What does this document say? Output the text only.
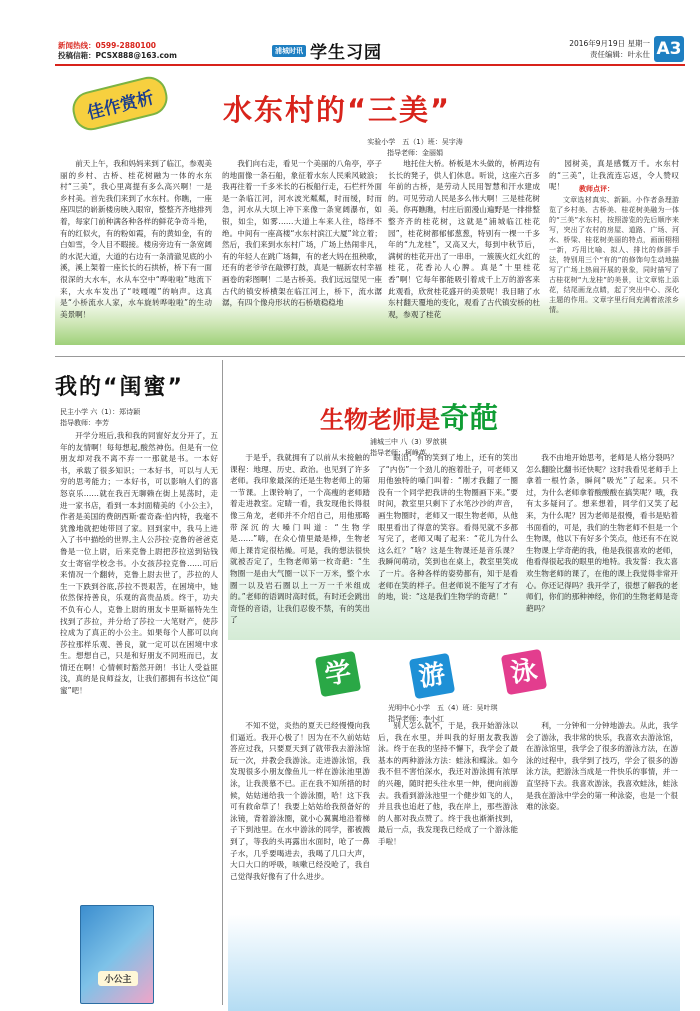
新闻热线：0599-2880100
投稿信箱：PCSX888@163.com
浦城时讯 学生习园	2016年9月19日 星期一
责任编辑：叶永仕 A3
佳作赏析	水东村的“三美”
实验小学　五（1）班：吴宇涛
指导老师：金丽娟

前天上午，我和妈妈来到了临江，参观美丽的乡村、古桥、桂花树融为一体的水东村“三美”，我心里离提有多么高兴啊！一是乡村美。首先我们来到了水东村。你瞧，一座座四层的崭新楼房映入眼帘，整整齐齐地排列着，每家门前种满各种各样的鲜花争奇斗艳，有的红似火，有的粉如霞，有的黄如金，有的白如雪，令人目不暇接。楼房旁边有一条宽阔的水泥大道，大道的右边有一条清澈见底的小溪，溪上架着一座长长的石拱桥，桥下有一面很深的大水车，水从车空中“哗啦啦”地流下来，大水车发出了“吱嘎嘎”的响声。这真是“小桥流水人家，水车旋转哗啦啦”的生动美景啊！

我们向右走，看见一个美丽的八角亭，亭子的地面像一条石船，象征着水东人民乘风破浪；我再往着一千多米长的石板船行走，石栏杆外面是一条临江河，河水波光粼粼，时而缓，时而急，河水从大坝上冲下来像一条宽阔瀑布，如银，如尘，如雾……大道上车来人往，络绎不绝。中间有一座高楼“水东村滨江大厦”耸立着；然后，我们来到水东村广场，广场上热闹非凡，有的年轻人在跳广场舞，有的老大妈在扭秧歌，还有的老爷爷在敲锣打鼓，真是一幅新农村幸福画卷的彩图啊！二是古桥美。我们远远望见一座古代的镇安桥横架在临江河上，桥下，流水潺潺，有四个像舟形状的石桥墩稳稳地

地托住大桥。桥板是木头做的，桥两边有长长的凳子，供人们休息。听说，这座六百多年前的古桥，是劳动人民用智慧和汗水建成的。可见劳动人民是多么伟大啊！三是桂花树美。你再瞧瞧，村庄后面漫山遍野是一排排整整齐齐的桂花树，这就是“浦城临江桂花园”，桂花树都郁郁葱葱，特别有一棵一千多年的“九龙桂”，又高又大，每到中秋节后，满树的桂花开出了一串串，一簇簇火红火红的桂花，花香沁人心脾。真是“十里桂花香”啊！它每年都能吸引着成千上万的游客来此观看，欣赏桂花盛开的美景呢！我目睹了水东村翻天覆地的变化，观看了古代镇安桥的杜观，参观了桂花

园树美，真是感慨万千。水东村的“三美”，让我流连忘返，令人赞叹呢！	教师点评：

文章选材真实、新颖。小作者条理游览了乡村美、古桥美、桂花树美融为一体的“三美”水东村，按照游览的先后顺序来写，突出了农村的房屋、道路、广场、河水、桥梁、桂花树美丽的特点，画面栩栩一新，巧用比喻、拟人、排比的修辞手法，特别用三个“有的”的修饰句生动地描写了广场上热闹开展的景象，同时描写了古桂花树“九龙桂”的美景，让文章铭上添花，结尾画龙点睛，起了突出中心、深化主题的作用。文章字里行间充满着浓浓乡情。

我的“闺蜜”
民主小学 六（1）：郑诗颖
指导教师：李芳

开学分班后,我和我的同窗好友分开了，五年的友情啊！每每想起,酸然神伤。但是有一位朋友却对我不离不弃一一那就是书。一本好书，承载了很多知识；一本好书，可以与人无穷的思考能力；一本好书，可以影响人们的喜怒哀乐……就在我百无聊赖在街上晃荡时，走进一家书店，看到一本封面精美的《小公主》，作者是美国的费朗西斯·霍奇森·伯内特，我毫不犹豫地就把她带回了家。回到家中，我马上进入了书中描绘的世界,主人公莎拉·克鲁的爸爸克鲁是一位上尉，后来克鲁上尉把莎拉送到钻钱女士寄宿学校念书。小女孩莎拉克鲁……可后来情况一个翻转，克鲁上尉去世了，莎拉的人生一下跌到谷底,莎拉不畏艰苦，在困境中，她依然保持善良，乐观的高贵品质。终于，功夫不负有心人，克鲁上尉的朋友卡里斯福特先生找到了莎拉，并分给了莎拉一大笔财产，使莎拉成为了真正的小公主。如果每个人都可以向莎拉那样乐观、善良，就一定可以在困境中求生。想想自己，只是和好朋友不同班而已，友情还在啊！心情顿时豁然开朗！书让人受益匪浅，真的是良师益友，让我们都拥有书这位“闺蜜”吧！

小公主
生物老师是奇葩
浦城三中 八（3）罗歆祺
指导老师：柯峥英

于是乎，我就拥有了以前从未接触的课程：地理、历史、政治。也见到了许多老师。我印象最深的还是生物老师上的第一节课。上课铃响了，一个高瘦的老师踏着走进教室。定睛一看，我发现他长得很像三角龙，老师并不介绍自己，用他那略带深沉的大嗓门叫道：“生物学是……”嗨，在众心情里最是棒，生物老师上课肯定很枯燥。可是，我的想法很快就被否定了，生物老师第一枚奇葩：“生物圈一是由大气圈一以下一万米，整个水圈一以及岩石圈以上一万一千米组成的。”老师的语调时高时低，有时还会跳出奇怪的音语，让我们忍俊不禁，有的笑出了

眼泪，有的笑到了地上，还有的笑出了“内伤”一个劲儿的抱着肚子，可老师又用他独特的嗓门叫着：“刚才我翻了一圈没有一个同学把我讲的生物圈画下来。”要时间，教室里只剩下了水笔沙沙的声音，画生物圈时，老师又一眼生物老师，从他眼里看出了得意的笑容。看得见就不多都写完了，老师又喝了起来：“花儿为什么这么红？”啥？这是生物课还是音乐课？我瞬间萌动，笑到也在桌上，教室里笑成了一片。各种各样的姿势都有，知于是看老师在笑的样子。但老师说不能写了才有的地，说：“这是我们生物学的奇葩！”

我不由地开始思考，老师是人格分裂吗？怎么翻脸比翻书还快呢？这时我看见老师手上拿着一根竹条，瞬间“吸光”了起来。只不过，为什么老师拿着酸酸酸在搞笑呢？哦，我有太多疑问了。想来想着，同学们又笑了起来，为什么呢？因为老师是很慢，看书是贴着书面看的，可是，我们的生物老师不但是一个生物课，他以下有好多个笑点，他还有不在说生物课上学奇葩的我，他是我很喜欢的老师，他看得很起我的眼里的地特。我发誓：我太喜欢生物老师的课了，在他的课上我觉得非常开心。你还记得吗？我开学了，很想了解我的老师们，你们的那种神经，你们的生物老师是奇葩吗？

学 游 泳
光明中心小学　五（4）班：吴叶琪
指导老师：李小红

不知不觉，炎热的夏天已经慢慢向我们逼近。我开心极了！因为在不久前姑姑答应过我，只要夏天到了就带我去游泳馆玩一次，并教会我游泳。走进游泳馆，我发现很多小朋友像鱼儿一样在游泳池里游泳，让我羡慕不已。正在我不知所措的时候，姑姑递给我一个游泳圈，哈！这下我可有救命草了！我要上姑姑给我预备好的泳镜，背着游泳圈，就小心翼翼地沿着梯子下到池里。在水中游泳的同学，都被溅到了，等我的头再露出水面时，呛了一鼻子水，几乎要喝进去，我喝了几口大声，大口大口的呼吸，咳嗽已经没呛了，我自己觉得我好像有了什么进步。

别人怎么就不，于是，我开始游泳以后，我在水里，并叫我的好朋友教我游泳。终于在我的坚持不懈下，我学会了最基本的两种游泳方法：蛙泳和蝶泳。如今我不但不害怕深水，我还对游泳拥有浓厚的兴趣，随时把头往水里一伸，便向前游去。我看到游泳池里一个健步如飞的人，并且我也追赶了他，我在岸上，那些游泳的人都对我点赞了。终于我也渐渐找到，最后一点，我发现我已经成了一个游泳能手啦！

利，一分钟和一分钟地游去。从此，我学会了游泳，我非常的快乐，我喜欢去游泳馆，在游泳馆里，我学会了很多的游泳方法，在游泳的过程中，我学到了技巧，学会了很多的游泳方法，把游泳当成是一件快乐的事情，并一直坚持下去。我喜欢游泳，我喜欢蛙泳，蛙泳是我在游泳中学会的第一种泳姿，也是一个很难的泳姿。
